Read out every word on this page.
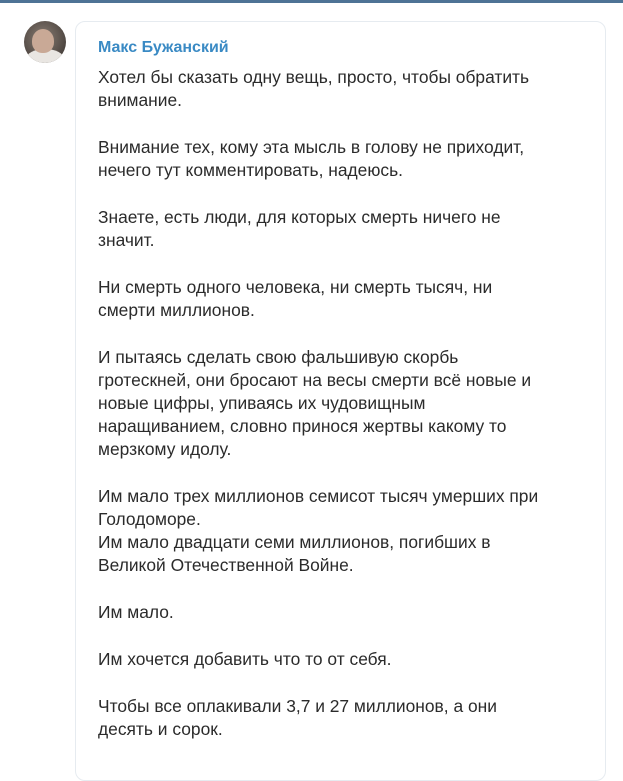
Макс Бужанский

Хотел бы сказать одну вещь, просто, чтобы обратить
внимание.

Внимание тех, кому эта мысль в голову не приходит,
нечего тут комментировать, надеюсь.

Знаете, есть люди, для которых смерть ничего не
значит.

Ни смерть одного человека, ни смерть тысяч, ни
смерти миллионов.

И пытаясь сделать свою фальшивую скорбь
гротескней, они бросают на весы смерти всё новые и
новые цифры, упиваясь их чудовищным
наращиванием, словно принося жертвы какому то
мерзкому идолу.

Им мало трех миллионов семисот тысяч умерших при
Голодоморе.
Им мало двадцати семи миллионов, погибших в
Великой Отечественной Войне.

Им мало.

Им хочется добавить что то от себя.

Чтобы все оплакивали 3,7 и 27 миллионов, а они
десять и сорок.
